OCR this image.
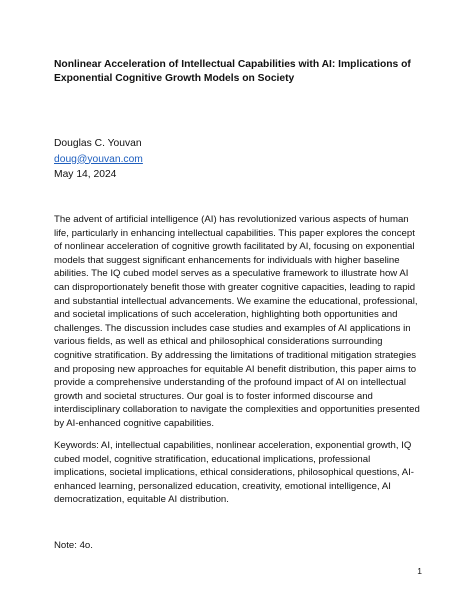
Nonlinear Acceleration of Intellectual Capabilities with AI: Implications of Exponential Cognitive Growth Models on Society
Douglas C. Youvan
doug@youvan.com
May 14, 2024

The advent of artificial intelligence (AI) has revolutionized various aspects of human life, particularly in enhancing intellectual capabilities. This paper explores the concept of nonlinear acceleration of cognitive growth facilitated by AI, focusing on exponential models that suggest significant enhancements for individuals with higher baseline abilities. The IQ cubed model serves as a speculative framework to illustrate how AI can disproportionately benefit those with greater cognitive capacities, leading to rapid and substantial intellectual advancements. We examine the educational, professional, and societal implications of such acceleration, highlighting both opportunities and challenges. The discussion includes case studies and examples of AI applications in various fields, as well as ethical and philosophical considerations surrounding cognitive stratification. By addressing the limitations of traditional mitigation strategies and proposing new approaches for equitable AI benefit distribution, this paper aims to provide a comprehensive understanding of the profound impact of AI on intellectual growth and societal structures. Our goal is to foster informed discourse and interdisciplinary collaboration to navigate the complexities and opportunities presented by AI-enhanced cognitive capabilities.

Keywords: AI, intellectual capabilities, nonlinear acceleration, exponential growth, IQ cubed model, cognitive stratification, educational implications, professional implications, societal implications, ethical considerations, philosophical questions, AI-enhanced learning, personalized education, creativity, emotional intelligence, AI democratization, equitable AI distribution.

Note: 4o.

1
